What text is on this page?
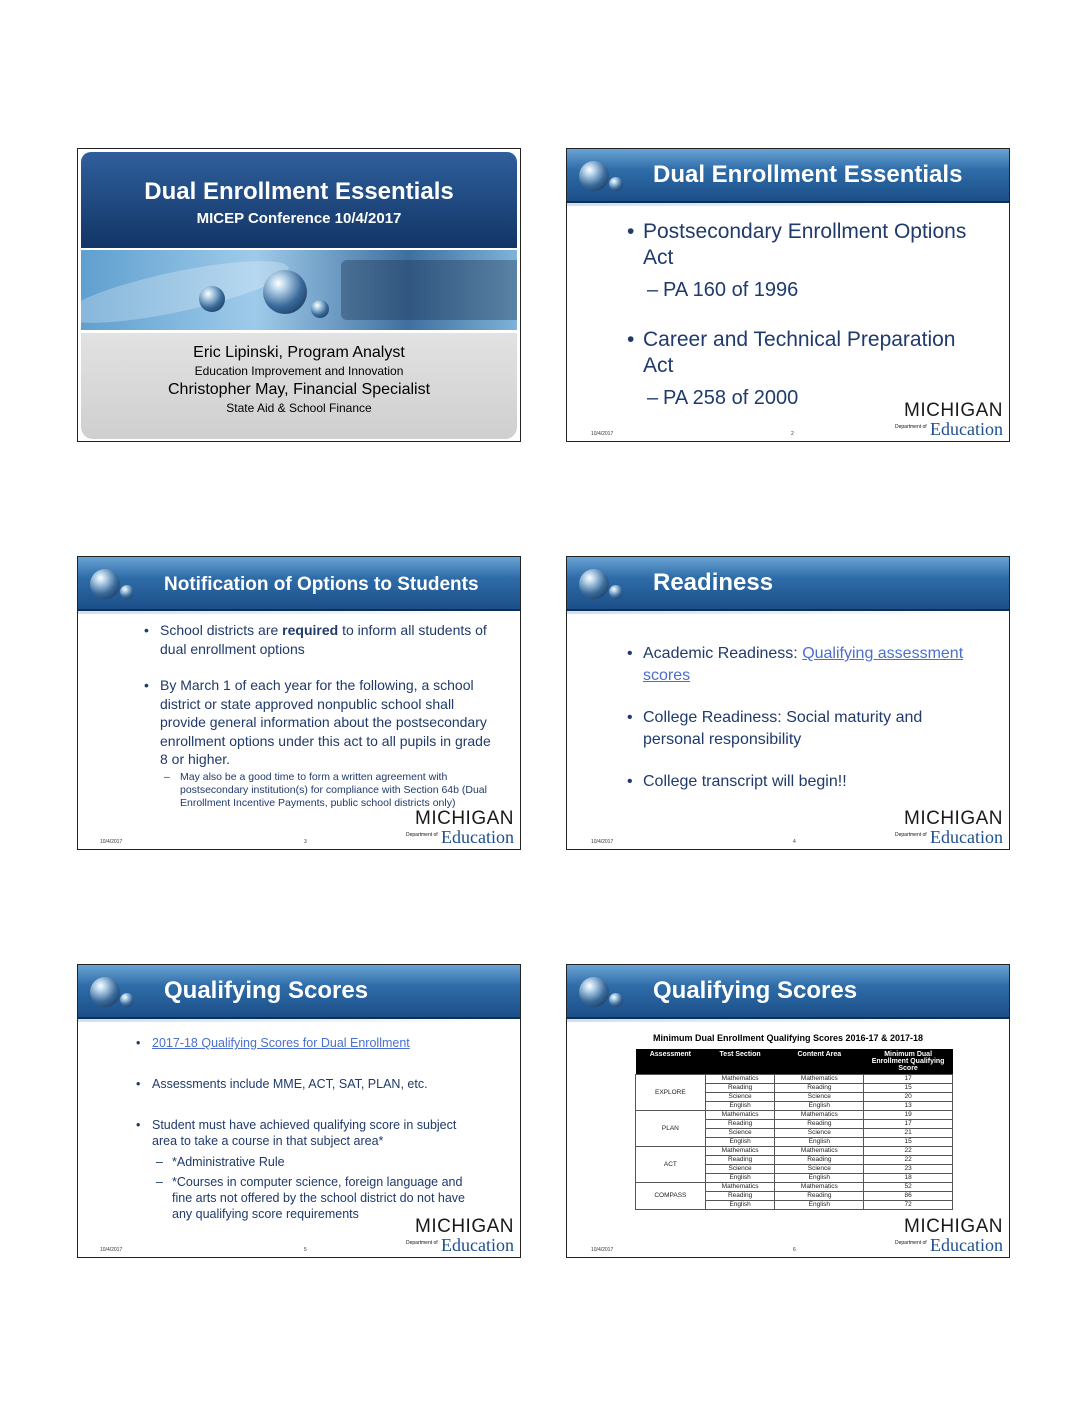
Dual Enrollment Essentials
MICEP Conference 10/4/2017
Eric Lipinski, Program Analyst
Education Improvement and Innovation
Christopher May, Financial Specialist
State Aid & School Finance
Dual Enrollment Essentials
• Postsecondary Enrollment Options Act
– PA 160 of 1996
• Career and Technical Preparation Act
– PA 258 of 2000
10/4/2017	2
MICHIGAN
Department of Education
Notification of Options to Students
• School districts are required to inform all students of dual enrollment options
• By March 1 of each year for the following, a school district or state approved nonpublic school shall provide general information about the postsecondary enrollment options under this act to all pupils in grade 8 or higher.
– May also be a good time to form a written agreement with postsecondary institution(s) for compliance with Section 64b (Dual Enrollment Incentive Payments, public school districts only)
10/4/2017	3
MICHIGAN
Department of Education
Readiness
• Academic Readiness: Qualifying assessment scores
• College Readiness: Social maturity and personal responsibility
• College transcript will begin!!
10/4/2017	4
MICHIGAN
Department of Education
Qualifying Scores
• 2017-18 Qualifying Scores for Dual Enrollment
• Assessments include MME, ACT, SAT, PLAN, etc.
• Student must have achieved qualifying score in subject area to take a course in that subject area*
– *Administrative Rule
– *Courses in computer science, foreign language and fine arts not offered by the school district do not have any qualifying score requirements
10/4/2017	5
MICHIGAN
Department of Education
Qualifying Scores
Minimum Dual Enrollment Qualifying Scores 2016-17 & 2017-18
Assessment	Test Section	Content Area	Minimum Dual Enrollment Qualifying Score
EXPLORE	Mathematics	Mathematics	17
	Reading	Reading	15
	Science	Science	20
	English	English	13
PLAN	Mathematics	Mathematics	19
	Reading	Reading	17
	Science	Science	21
	English	English	15
ACT	Mathematics	Mathematics	22
	Reading	Reading	22
	Science	Science	23
	English	English	18
COMPASS	Mathematics	Mathematics	52
	Reading	Reading	86
	English	English	72
10/4/2017	6
MICHIGAN
Department of Education
